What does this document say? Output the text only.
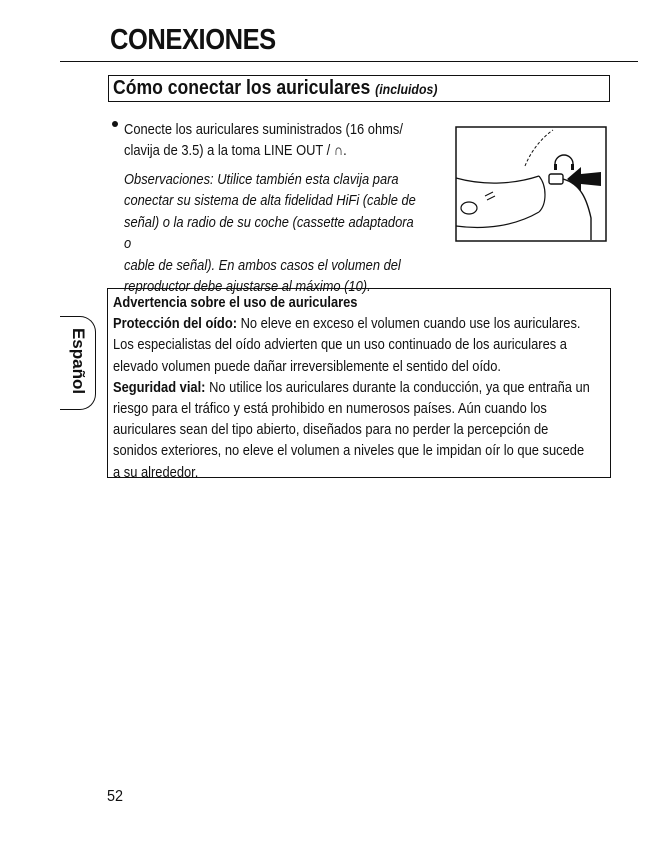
CONEXIONES
Cómo conectar los auriculares (incluidos)
Conecte los auriculares suministrados (16 ohms/
clavija de 3.5) a la toma LINE OUT / ∩.
Observaciones: Utilice también esta clavija para
conectar su sistema de alta fidelidad HiFi (cable de
señal) o la radio de su coche (cassette adaptadora o
cable de señal). En ambos casos el volumen del
reproductor debe ajustarse al máximo (10).
Español
Advertencia sobre el uso de auriculares
Protección del oído: No eleve en exceso el volumen cuando use los auriculares. Los especialistas del oído advierten que un uso continuado de los auriculares a elevado volumen puede dañar irreversiblemente el sentido del oído.
Seguridad vial: No utilice los auriculares durante la conducción, ya que entraña un riesgo para el tráfico y está prohibido en numerosos países. Aún cuando los auriculares sean del tipo abierto, diseñados para no perder la percepción de sonidos exteriores, no eleve el volumen a niveles que le impidan oír lo que sucede a su alrededor.
52
